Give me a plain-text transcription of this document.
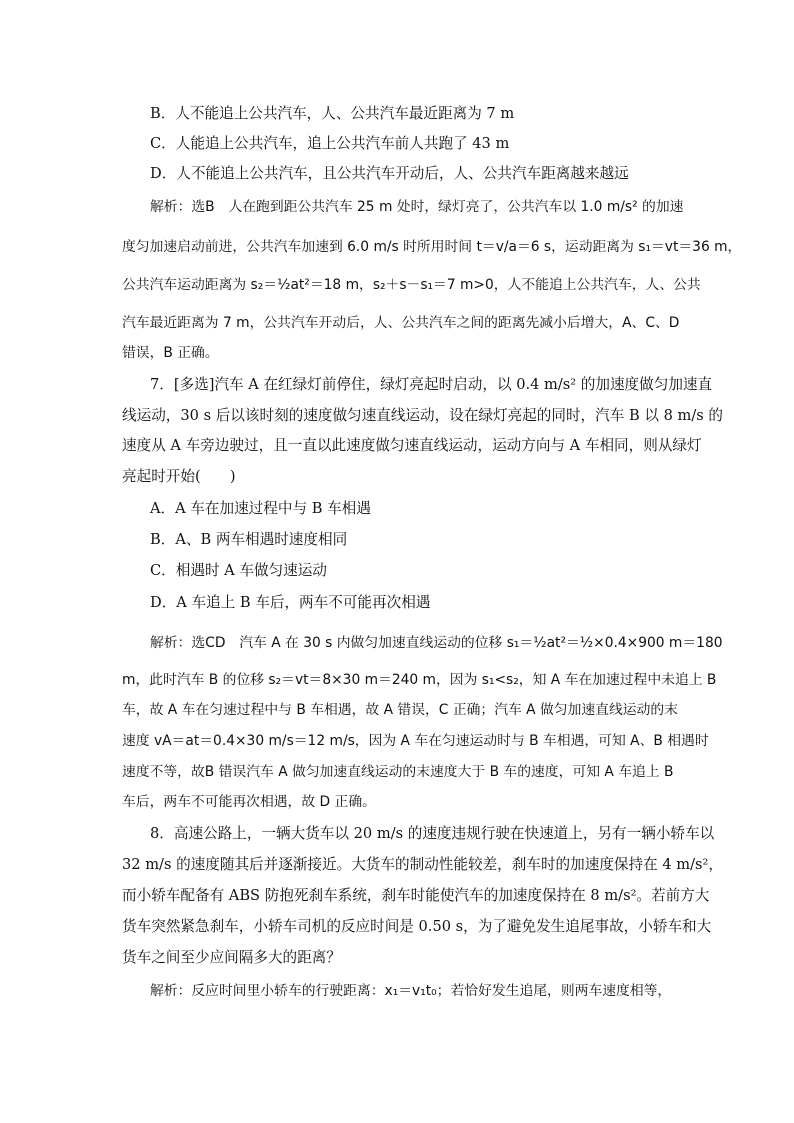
B．人不能追上公共汽车，人、公共汽车最近距离为 7 m
C．人能追上公共汽车，追上公共汽车前人共跑了 43 m
D．人不能追上公共汽车，且公共汽车开动后，人、公共汽车距离越来越远
解析：选B　人在跑到距公共汽车 25 m 处时，绿灯亮了，公共汽车以 1.0 m/s² 的加速
度匀加速启动前进，公共汽车加速到 6.0 m/s 时所用时间 t＝v/a＝6 s，运动距离为 s₁＝vt＝36 m，
公共汽车运动距离为 s₂＝½at²＝18 m，s₂＋s－s₁＝7 m>0，人不能追上公共汽车，人、公共
汽车最近距离为 7 m，公共汽车开动后，人、公共汽车之间的距离先减小后增大，A、C、D
错误，B 正确。
7．[多选]汽车 A 在红绿灯前停住，绿灯亮起时启动，以 0.4 m/s² 的加速度做匀加速直
线运动，30 s 后以该时刻的速度做匀速直线运动，设在绿灯亮起的同时，汽车 B 以 8 m/s 的
速度从 A 车旁边驶过，且一直以此速度做匀速直线运动，运动方向与 A 车相同，则从绿灯
亮起时开始(　　)
A．A 车在加速过程中与 B 车相遇
B．A、B 两车相遇时速度相同
C．相遇时 A 车做匀速运动
D．A 车追上 B 车后，两车不可能再次相遇
解析：选CD　汽车 A 在 30 s 内做匀加速直线运动的位移 s₁＝½at²＝½×0.4×900 m＝180
m，此时汽车 B 的位移 s₂＝vt＝8×30 m＝240 m，因为 s₁<s₂，知 A 车在加速过程中未追上 B
车，故 A 车在匀速过程中与 B 车相遇，故 A 错误，C 正确；汽车 A 做匀加速直线运动的末
速度 vA＝at＝0.4×30 m/s＝12 m/s，因为 A 车在匀速运动时与 B 车相遇，可知 A、B 相遇时
速度不等，故B 错误汽车 A 做匀加速直线运动的末速度大于 B 车的速度，可知 A 车追上 B
车后，两车不可能再次相遇，故 D 正确。
8．高速公路上，一辆大货车以 20 m/s 的速度违规行驶在快速道上，另有一辆小轿车以
32 m/s 的速度随其后并逐渐接近。大货车的制动性能较差，刹车时的加速度保持在 4 m/s²，
而小轿车配备有 ABS 防抱死刹车系统，刹车时能使汽车的加速度保持在 8 m/s²。若前方大
货车突然紧急刹车，小轿车司机的反应时间是 0.50 s，为了避免发生追尾事故，小轿车和大
货车之间至少应间隔多大的距离？
解析：反应时间里小轿车的行驶距离：x₁＝v₁t₀；若恰好发生追尾，则两车速度相等，
